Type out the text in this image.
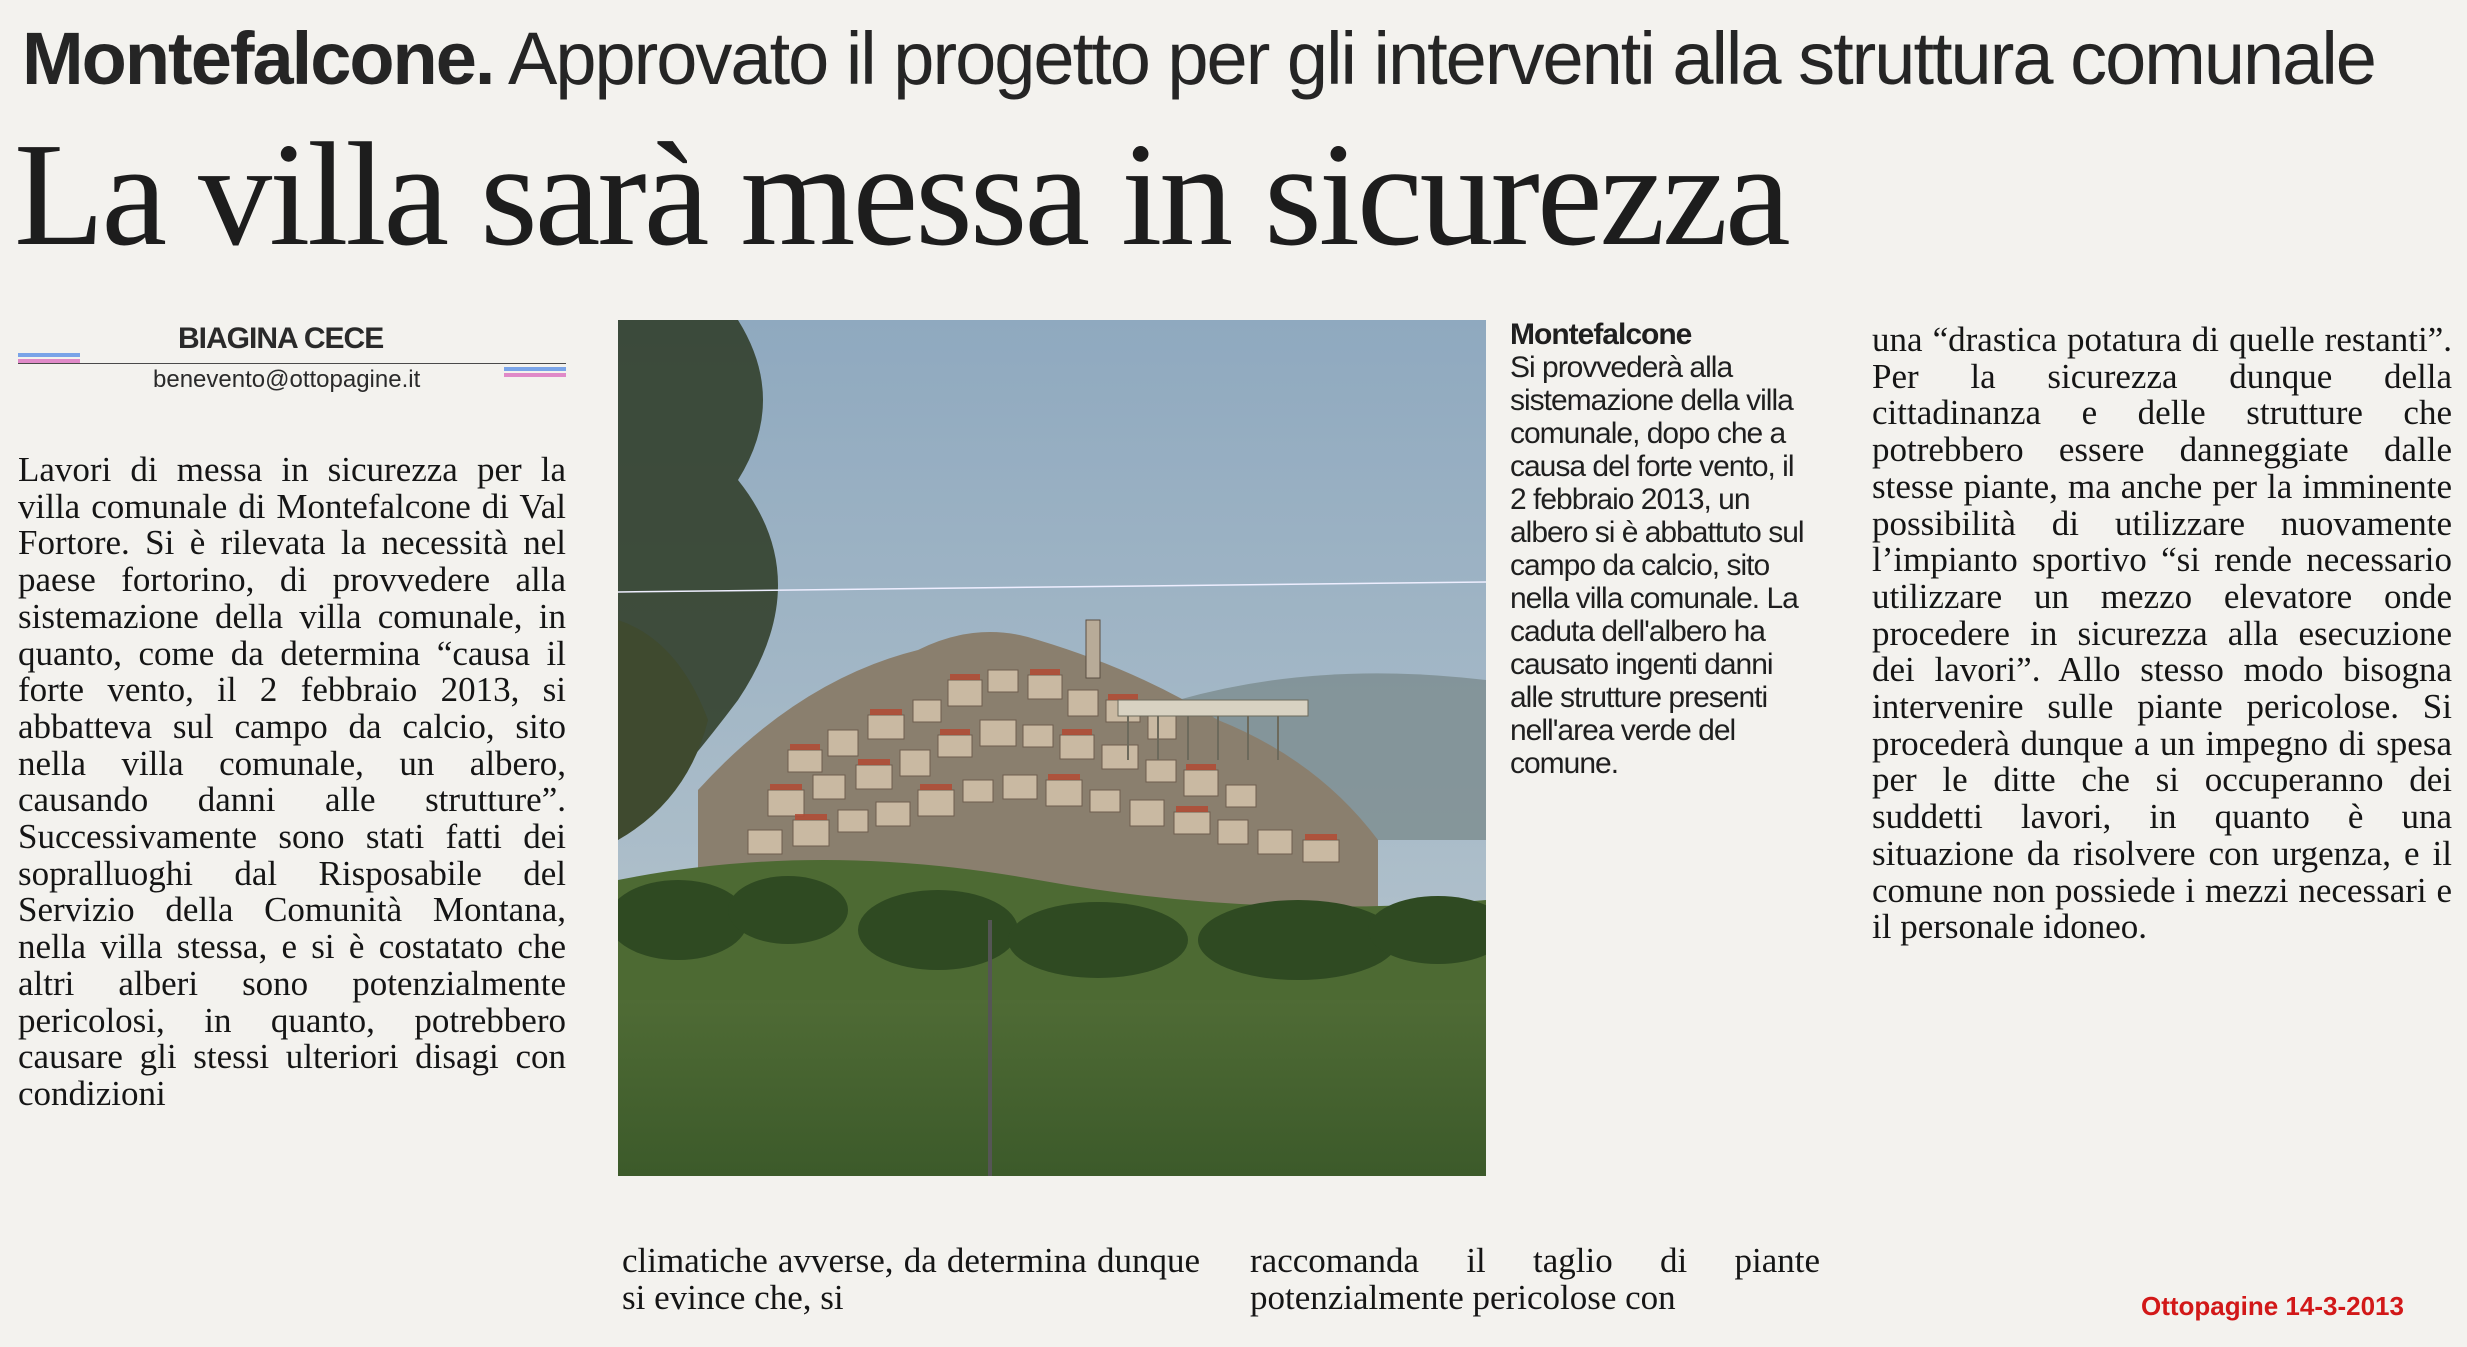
Montefalcone. Approvato il progetto per gli interventi alla struttura comunale
La villa sarà messa in sicurezza
BIAGINA CECE
benevento@ottopagine.it

Lavori di messa in sicurezza per la villa comunale di Montefalcone di Val Fortore. Si è rilevata la necessità nel paese fortorino, di provvedere alla sistemazione della villa comunale, in quanto, come da determina “causa il forte vento, il 2 febbraio 2013, si abbatteva sul campo da calcio, sito nella villa comunale, un albero, causando danni alle strutture”. Successivamente sono stati fatti dei sopralluoghi dal Risposabile del Servizio della Comunità Montana, nella villa stessa, e si è costatato che altri alberi sono potenzialmente pericolosi, in quanto, potrebbero causare gli stessi ulteriori disagi con condizioni

Montefalcone
Si provvederà alla sistemazione della villa comunale, dopo che a causa del forte vento, il 2 febbraio 2013, un albero si è abbattuto sul campo da calcio, sito nella villa comunale. La caduta dell'albero ha causato ingenti danni alle strutture presenti nell'area verde del comune.

climatiche avverse, da determina dunque si evince che, si

raccomanda il taglio di piante potenzialmente pericolose con

una “drastica potatura di quelle restanti”. Per la sicurezza dunque della cittadinanza e delle strutture che potrebbero essere danneggiate dalle stesse piante, ma anche per la imminente possibilità di utilizzare nuovamente l’impianto sportivo “si rende necessario utilizzare un mezzo elevatore onde procedere in sicurezza alla esecuzione dei lavori”. Allo stesso modo bisogna intervenire sulle piante pericolose. Si procederà dunque a un impegno di spesa per le ditte che si occuperanno dei suddetti lavori, in quanto è una situazione da risolvere con urgenza, e il comune non possiede i mezzi necessari e il personale idoneo.

Ottopagine 14-3-2013
